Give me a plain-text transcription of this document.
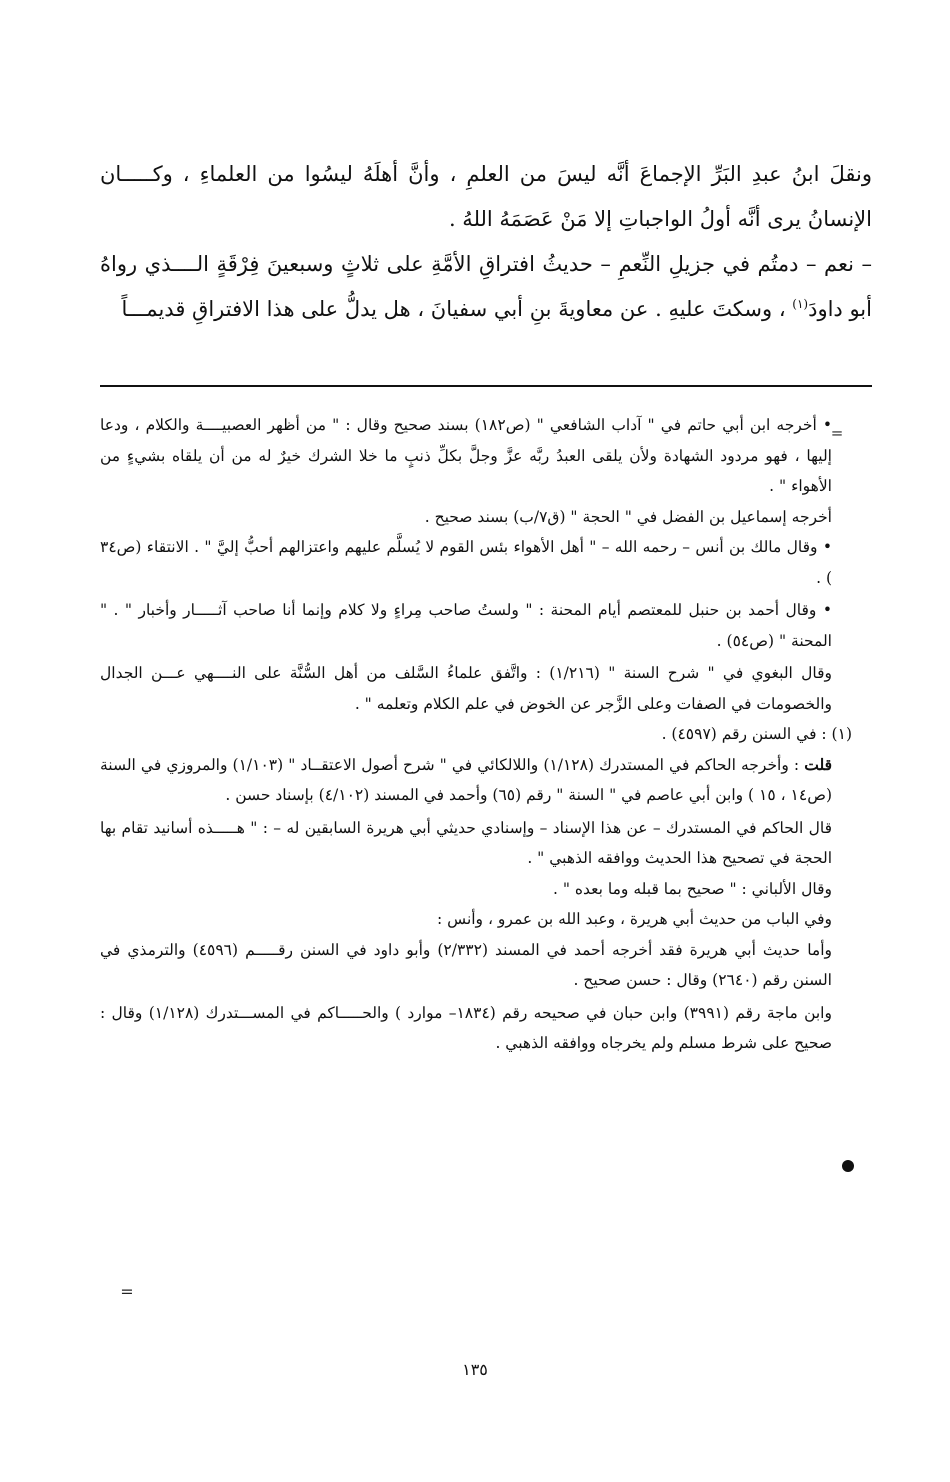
ونقلَ ابنُ عبدِ البَرِّ الإجماعَ أنَّه ليسَ من العلمِ ، وأنَّ أهلَهُ ليسُوا من العلماءِ ، وكـــــان الإنسانُ يرى أنَّه أولُ الواجباتِ إلا مَنْ عَصَمَهُ اللهُ .

– نعم – دمتُم في جزيلِ النِّعمِ – حديثُ افتراقِ الأمَّةِ على ثلاثٍ وسبعينَ فِرْقَةٍ الــــذي رواهُ أبو داودَ$^{(١)}$ ، وسكتَ عليهِ . عن معاويةَ بنِ أبي سفيانَ ، هل يدلُّ على هذا الافتراقِ قديمـــاً

=

• أخرجه ابن أبي حاتم في " آداب الشافعي " (ص١٨٢) بسند صحيح وقال : " من أظهر العصبيــــة والكلام ، ودعا إليها ، فهو مردود الشهادة ولأن يلقى العبدُ ربَّه عزَّ وجلَّ بكلِّ ذنبٍ ما خلا الشرك خيرٌ له من أن يلقاه بشيءٍ من الأهواء " .

أخرجه إسماعيل بن الفضل في " الحجة " (ق٧/ب) بسند صحيح .

• وقال مالك بن أنس – رحمه الله – " أهل الأهواء بئس القوم لا يُسلَّم عليهم واعتزالهم أحبُّ إليَّ " . الانتقاء (ص٣٤ ) .

• وقال أحمد بن حنبل للمعتصم أيام المحنة : " ولستُ صاحب مِراءٍ ولا كلام وإنما أنا صاحب آثـــــار وأخبار " . " المحنة " (ص٥٤) .

وقال البغوي في " شرح السنة " (١/٢١٦) : واتَّفق علماءُ السَّلف من أهل السُّنَّة على النــــهي عـــن الجدال والخصومات في الصفات وعلى الزَّجر عن الخوض في علم الكلام وتعلمه " .

(١) : في السنن رقم (٤٥٩٧) .

قلت : وأخرجه الحاكم في المستدرك (١/١٢٨) واللالكائي في " شرح أصول الاعتقــاد " (١/١٠٣) والمروزي في السنة (ص١٤ ، ١٥ ) وابن أبي عاصم في " السنة " رقم (٦٥) وأحمد في المسند (٤/١٠٢) بإسناد حسن .

قال الحاكم في المستدرك – عن هذا الإسناد – وإسنادي حديثي أبي هريرة السابقين له – : " هـــــذه أسانيد تقام بها الحجة في تصحيح هذا الحديث ووافقه الذهبي " .

وقال الألباني : " صحيح بما قبله وما بعده " .

وفي الباب من حديث أبي هريرة ، وعبد الله بن عمرو ، وأنس :

وأما حديث أبي هريرة فقد أخرجه أحمد في المسند (٢/٣٣٢) وأبو داود في السنن رقـــــم (٤٥٩٦) والترمذي في السنن رقم (٢٦٤٠) وقال : حسن صحيح .

وابن ماجة رقم (٣٩٩١) وابن حبان في صحيحه رقم (١٨٣٤– موارد ) والحـــــاكم في المســـتدرك (١/١٢٨) وقال : صحيح على شرط مسلم ولم يخرجاه ووافقه الذهبي .

=
١٣٥
